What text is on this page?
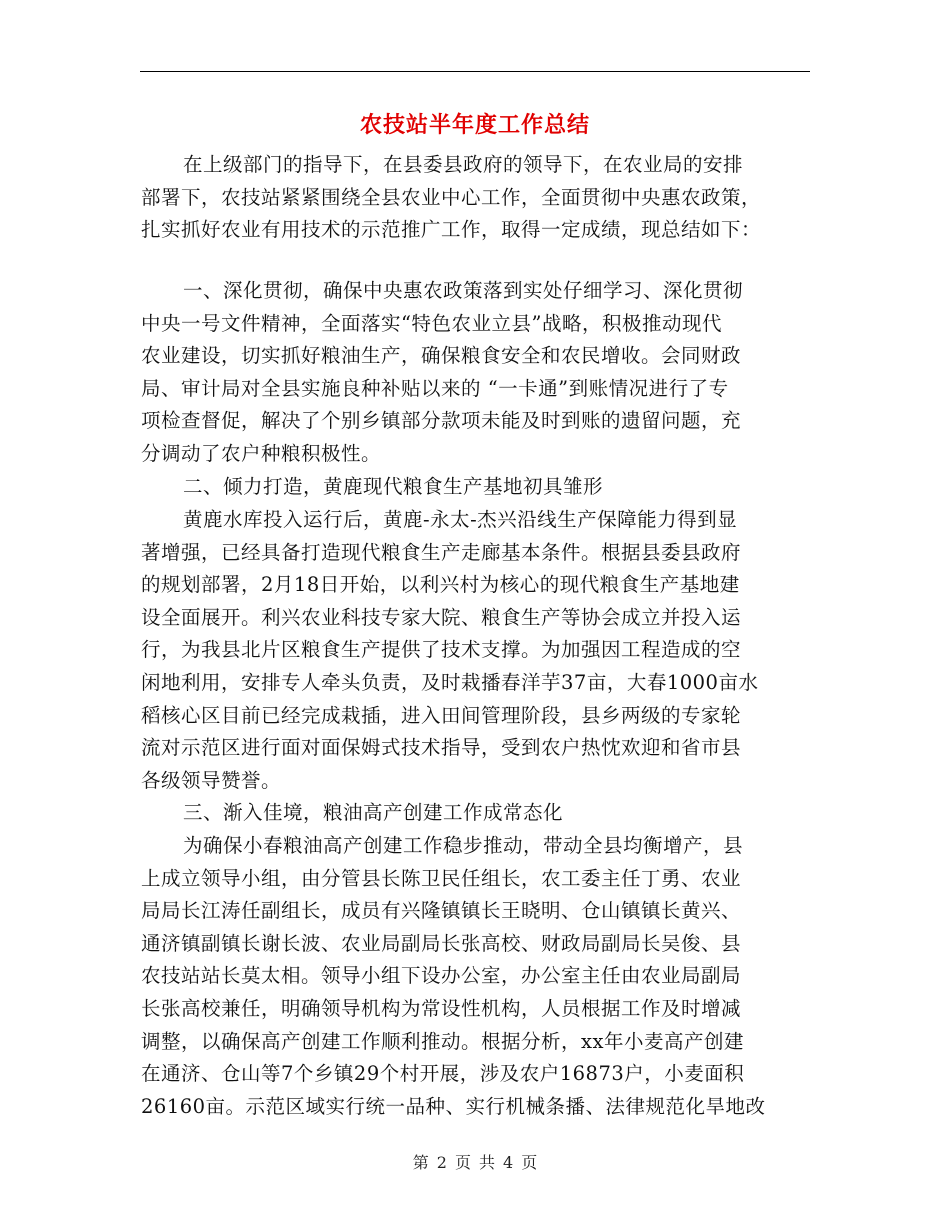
农技站半年度工作总结
在上级部门的指导下，在县委县政府的领导下，在农业局的安排
部署下，农技站紧紧围绕全县农业中心工作，全面贯彻中央惠农政策，
扎实抓好农业有用技术的示范推广工作，取得一定成绩，现总结如下：
一、深化贯彻，确保中央惠农政策落到实处仔细学习、深化贯彻
中央一号文件精神，全面落实“特色农业立县”战略，积极推动现代
农业建设，切实抓好粮油生产，确保粮食安全和农民增收。会同财政
局、审计局对全县实施良种补贴以来的 “一卡通”到账情况进行了专
项检查督促，解决了个别乡镇部分款项未能及时到账的遗留问题，充
分调动了农户种粮积极性。
二、倾力打造，黄鹿现代粮食生产基地初具雏形
黄鹿水库投入运行后，黄鹿-永太-杰兴沿线生产保障能力得到显
著增强，已经具备打造现代粮食生产走廊基本条件。根据县委县政府
的规划部署，2月18日开始，以利兴村为核心的现代粮食生产基地建
设全面展开。利兴农业科技专家大院、粮食生产等协会成立并投入运
行，为我县北片区粮食生产提供了技术支撑。为加强因工程造成的空
闲地利用，安排专人牵头负责，及时栽播春洋芋37亩，大春1000亩水
稻核心区目前已经完成栽插，进入田间管理阶段，县乡两级的专家轮
流对示范区进行面对面保姆式技术指导，受到农户热忱欢迎和省市县
各级领导赞誉。
三、渐入佳境，粮油高产创建工作成常态化
为确保小春粮油高产创建工作稳步推动，带动全县均衡增产，县
上成立领导小组，由分管县长陈卫民任组长，农工委主任丁勇、农业
局局长江涛任副组长，成员有兴隆镇镇长王晓明、仓山镇镇长黄兴、
通济镇副镇长谢长波、农业局副局长张高校、财政局副局长吴俊、县
农技站站长莫太相。领导小组下设办公室，办公室主任由农业局副局
长张高校兼任，明确领导机构为常设性机构，人员根据工作及时增减
调整，以确保高产创建工作顺利推动。根据分析，xx年小麦高产创建
在通济、仓山等7个乡镇29个村开展，涉及农户16873户，小麦面积
26160亩。示范区域实行统一品种、实行机械条播、法律规范化旱地改
第 2 页 共 4 页
